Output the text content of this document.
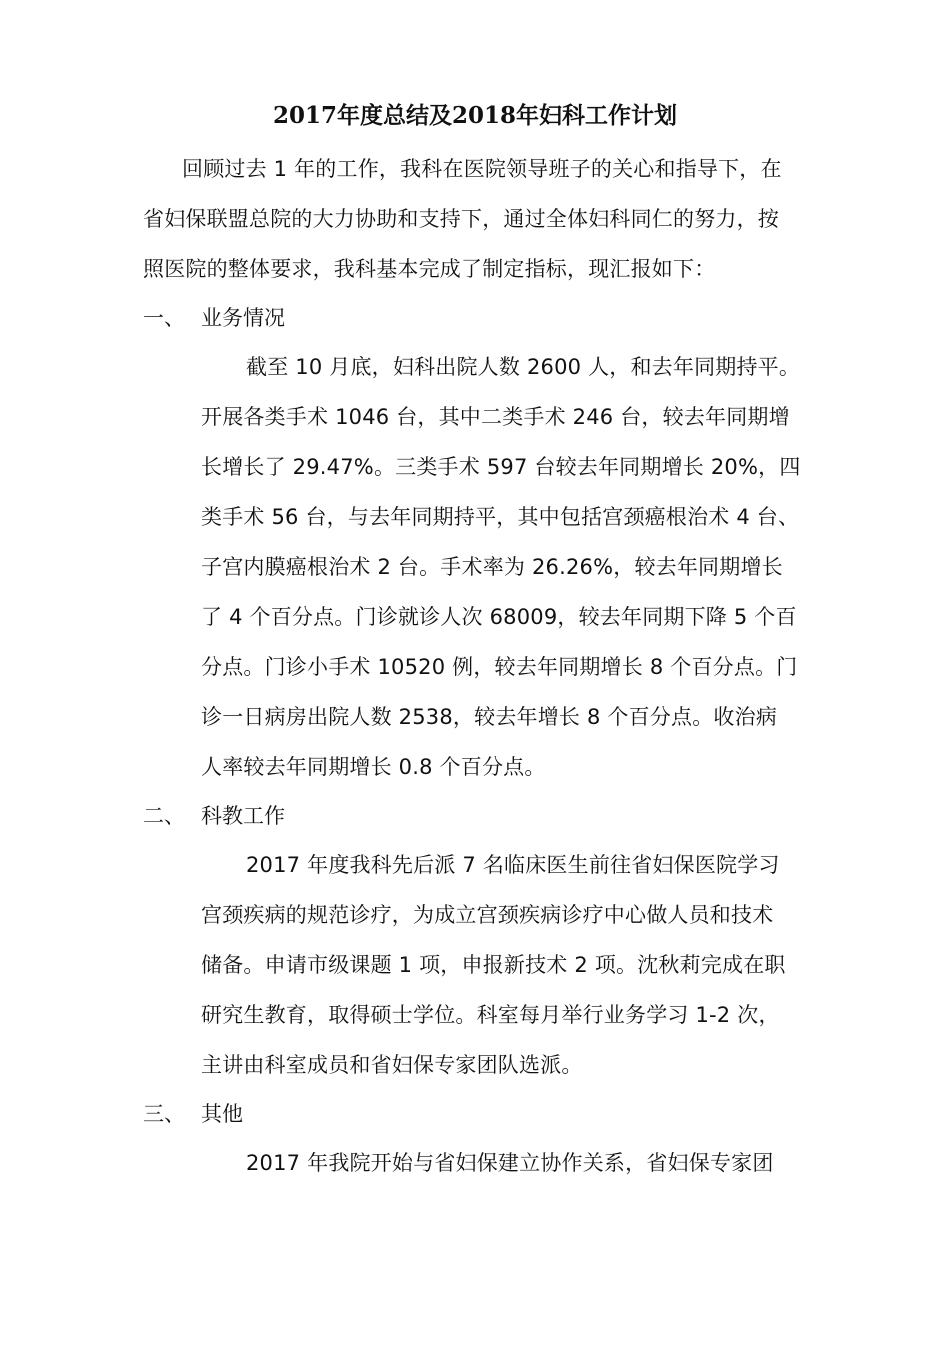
2017年度总结及2018年妇科工作计划
回顾过去 1 年的工作，我科在医院领导班子的关心和指导下，在
省妇保联盟总院的大力协助和支持下，通过全体妇科同仁的努力，按
照医院的整体要求，我科基本完成了制定指标，现汇报如下：
一、 业务情况
截至 10 月底，妇科出院人数 2600 人，和去年同期持平。
开展各类手术 1046 台，其中二类手术 246 台，较去年同期增
长增长了 29.47%。三类手术 597 台较去年同期增长 20%，四
类手术 56 台，与去年同期持平，其中包括宫颈癌根治术 4 台、
子宫内膜癌根治术 2 台。手术率为 26.26%，较去年同期增长
了 4 个百分点。门诊就诊人次 68009，较去年同期下降 5 个百
分点。门诊小手术 10520 例，较去年同期增长 8 个百分点。门
诊一日病房出院人数 2538，较去年增长 8 个百分点。收治病
人率较去年同期增长 0.8 个百分点。
二、 科教工作
2017 年度我科先后派 7 名临床医生前往省妇保医院学习
宫颈疾病的规范诊疗，为成立宫颈疾病诊疗中心做人员和技术
储备。申请市级课题 1 项，申报新技术 2 项。沈秋莉完成在职
研究生教育，取得硕士学位。科室每月举行业务学习 1-2 次，
主讲由科室成员和省妇保专家团队选派。
三、 其他
2017 年我院开始与省妇保建立协作关系，省妇保专家团
